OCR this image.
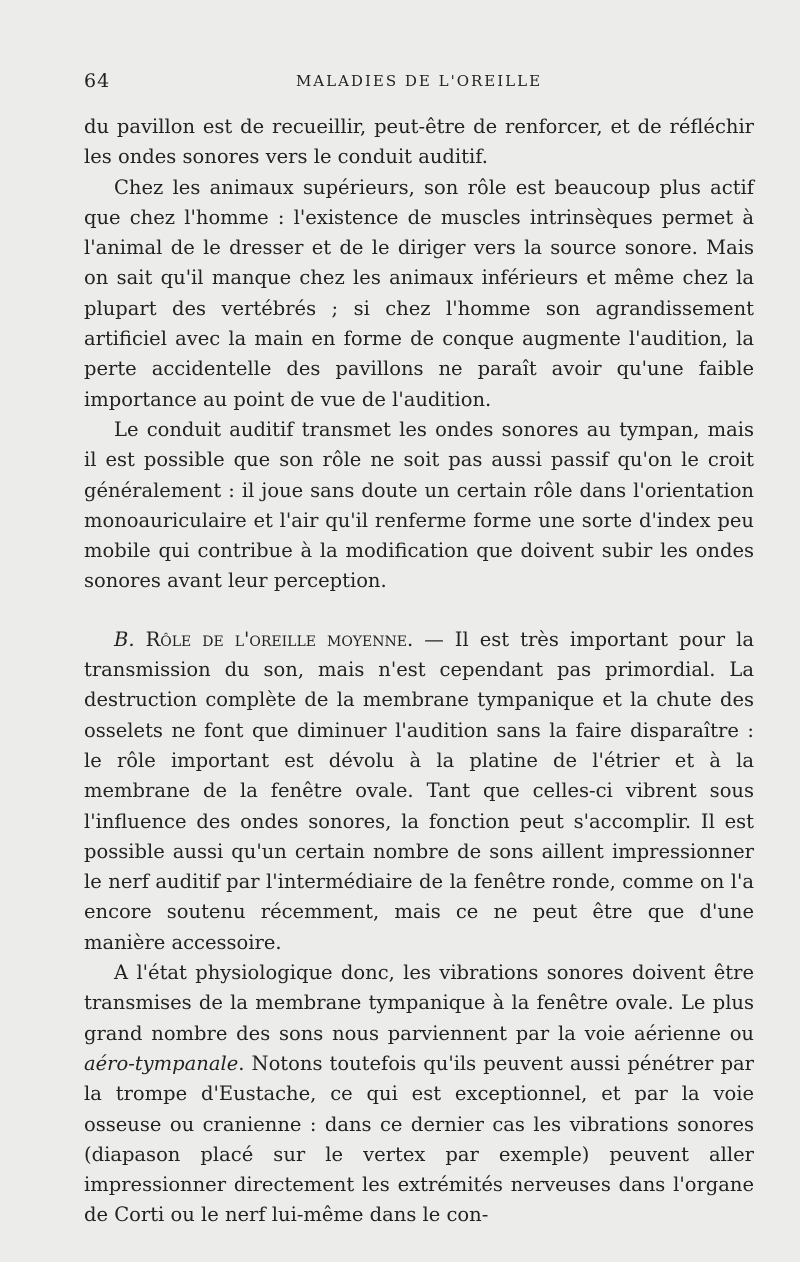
64	MALADIES DE L'OREILLE

du pavillon est de recueillir, peut-être de renforcer, et de réfléchir les ondes sonores vers le conduit auditif.

Chez les animaux supérieurs, son rôle est beaucoup plus actif que chez l'homme : l'existence de muscles intrinsèques permet à l'animal de le dresser et de le diriger vers la source sonore. Mais on sait qu'il manque chez les animaux inférieurs et même chez la plupart des vertébrés ; si chez l'homme son agrandissement artificiel avec la main en forme de conque augmente l'audition, la perte accidentelle des pavillons ne paraît avoir qu'une faible importance au point de vue de l'audition.

Le conduit auditif transmet les ondes sonores au tympan, mais il est possible que son rôle ne soit pas aussi passif qu'on le croit généralement : il joue sans doute un certain rôle dans l'orientation monoauriculaire et l'air qu'il renferme forme une sorte d'index peu mobile qui contribue à la modification que doivent subir les ondes sonores avant leur perception.

B. Rôle de l'oreille moyenne. — Il est très important pour la transmission du son, mais n'est cependant pas primordial. La destruction complète de la membrane tympanique et la chute des osselets ne font que diminuer l'audition sans la faire disparaître : le rôle important est dévolu à la platine de l'étrier et à la membrane de la fenêtre ovale. Tant que celles-ci vibrent sous l'influence des ondes sonores, la fonction peut s'accomplir. Il est possible aussi qu'un certain nombre de sons aillent impressionner le nerf auditif par l'intermédiaire de la fenêtre ronde, comme on l'a encore soutenu récemment, mais ce ne peut être que d'une manière accessoire.

A l'état physiologique donc, les vibrations sonores doivent être transmises de la membrane tympanique à la fenêtre ovale. Le plus grand nombre des sons nous parviennent par la voie aérienne ou aéro-tympanale. Notons toutefois qu'ils peuvent aussi pénétrer par la trompe d'Eustache, ce qui est exceptionnel, et par la voie osseuse ou cranienne : dans ce dernier cas les vibrations sonores (diapason placé sur le vertex par exemple) peuvent aller impressionner directement les extrémités nerveuses dans l'organe de Corti ou le nerf lui-même dans le con-
